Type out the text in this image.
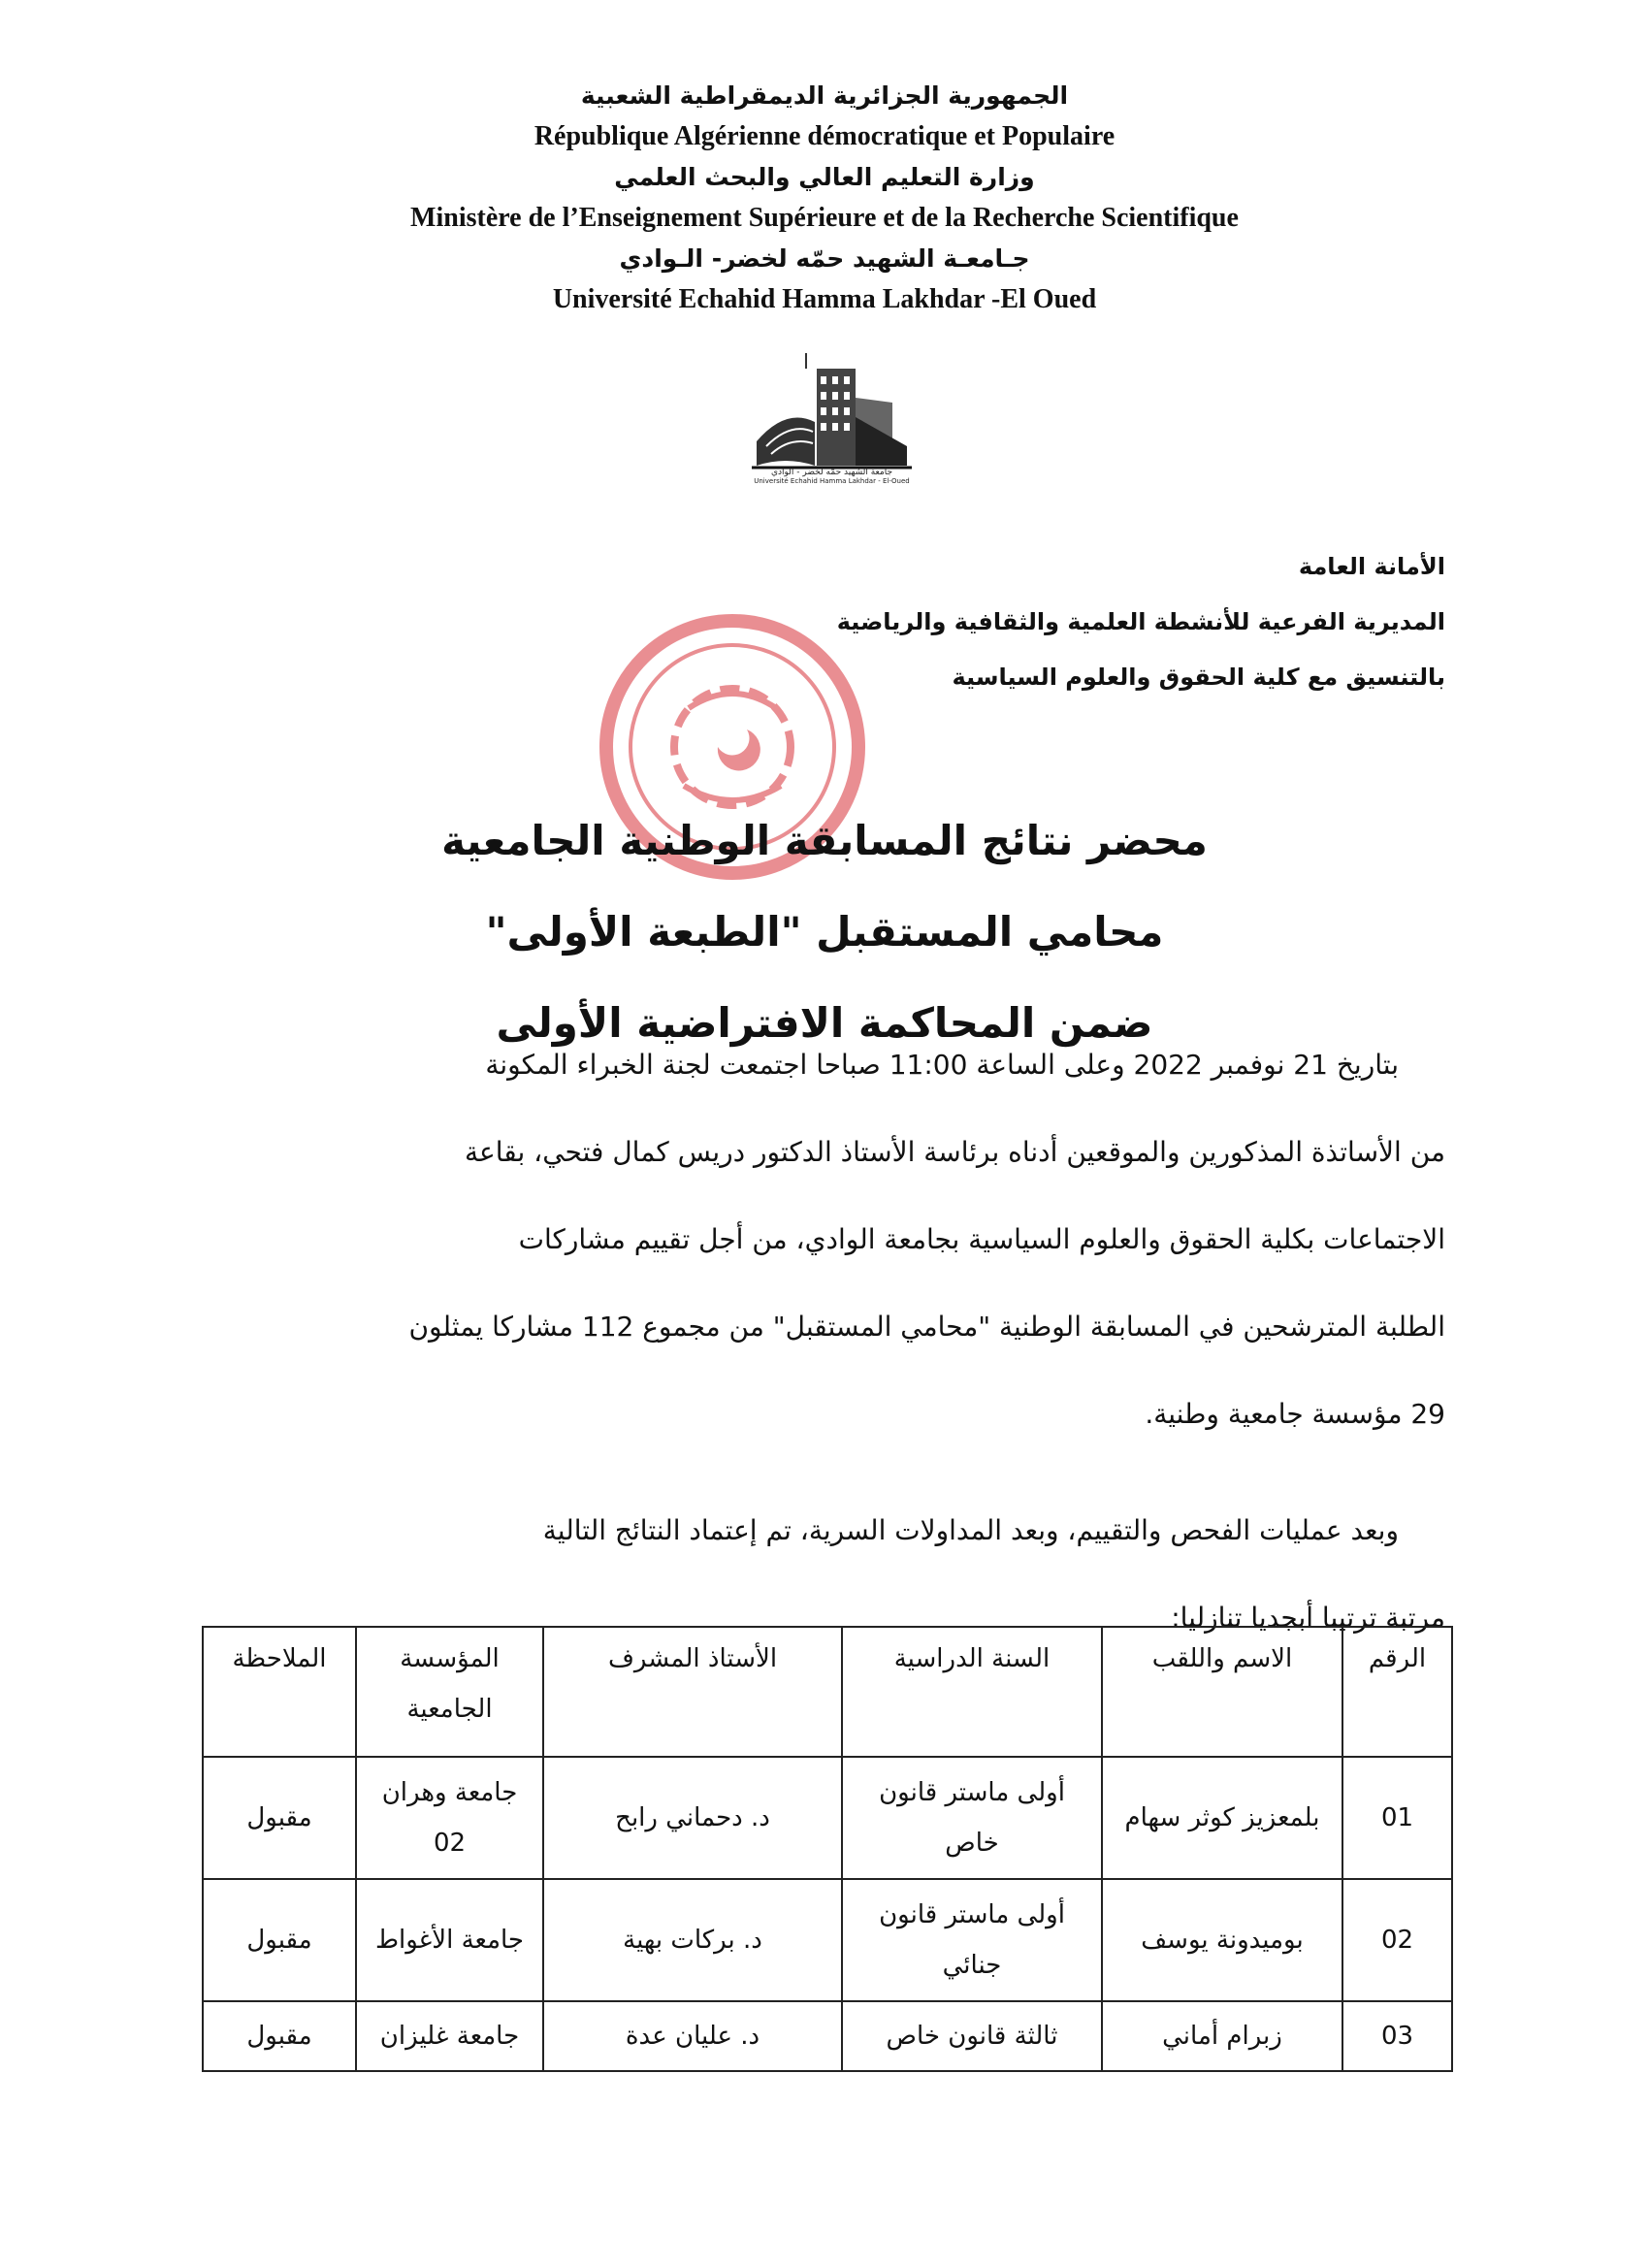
الجمهورية الجزائرية الديمقراطية الشعبية
République Algérienne démocratique et Populaire
وزارة التعليم العالي والبحث العلمي
Ministère de l’Enseignement Supérieure et de la Recherche Scientifique
جـامعـة الشهيد حمّه لخضر- الـوادي
Université Echahid Hamma Lakhdar -El Oued
جامعة الشهيد حمّه لخضر - الوادي
Université Echahid Hamma Lakhdar - El-Oued
الأمانة العامة
المديرية الفرعية للأنشطة العلمية والثقافية والرياضية
بالتنسيق مع كلية الحقوق والعلوم السياسية
محضر نتائج المسابقة الوطنية الجامعية
محامي المستقبل "الطبعة الأولى"
ضمن المحاكمة الافتراضية الأولى
بتاريخ 21 نوفمبر 2022 وعلى الساعة 11:00 صباحا اجتمعت لجنة الخبراء المكونة
من الأساتذة المذكورين والموقعين أدناه برئاسة الأستاذ الدكتور دريس كمال فتحي، بقاعة
الاجتماعات بكلية الحقوق والعلوم السياسية بجامعة الوادي، من أجل تقييم مشاركات
الطلبة المترشحين في المسابقة الوطنية "محامي المستقبل" من مجموع 112 مشاركا يمثلون
29 مؤسسة جامعية وطنية.
وبعد عمليات الفحص والتقييم، وبعد المداولات السرية، تم إعتماد النتائج التالية
مرتبة ترتيبا أبجديا تنازليا:
الرقم	الاسم واللقب	السنة الدراسية	الأستاذ المشرف	المؤسسة الجامعية	الملاحظة
01	بلمعزيز كوثر سهام	أولى ماستر قانون خاص	د. دحماني رابح	جامعة وهران 02	مقبول
02	بوميدونة يوسف	أولى ماستر قانون جنائي	د. بركات بهية	جامعة الأغواط	مقبول
03	زبرام أماني	ثالثة قانون خاص	د. عليان عدة	جامعة غليزان	مقبول
